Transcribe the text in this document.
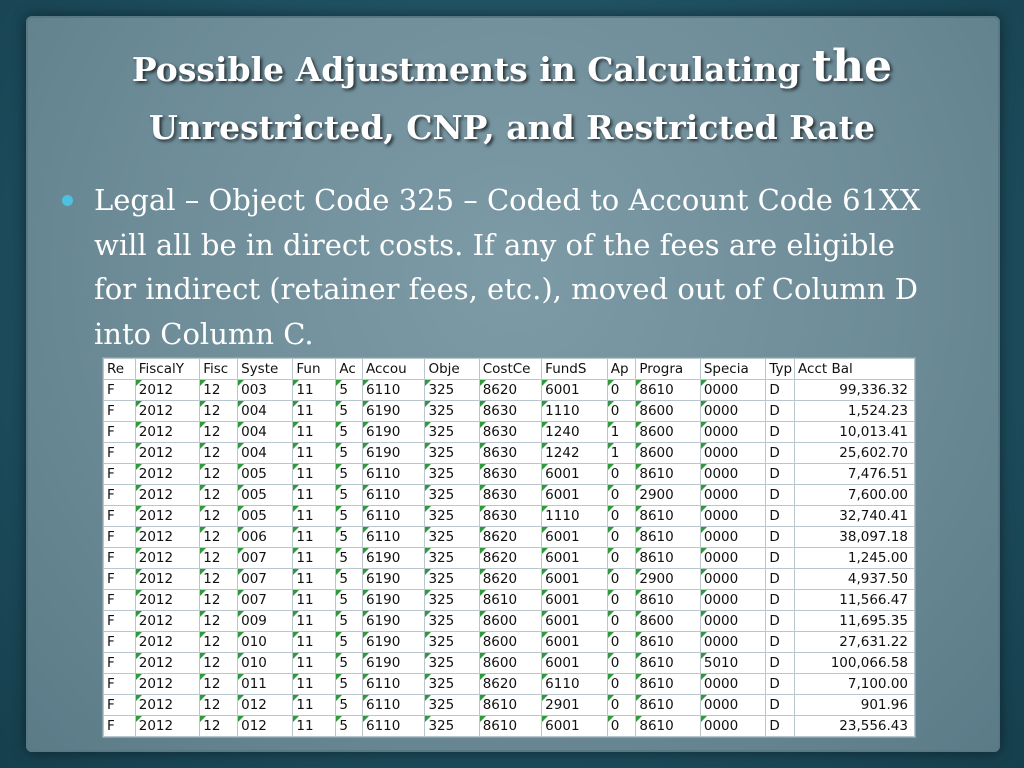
Possible Adjustments in Calculating the
Unrestricted, CNP, and Restricted Rate
Legal – Object Code 325 – Coded to Account Code 61XX will all be in direct costs. If any of the fees are eligible for indirect (retainer fees, etc.), moved out of Column D into Column C.
Re	FiscalY	Fisc	Syste	Fun	Ac	Accou	Obje	CostCe	FundS	Ap	Progra	Specia	Typ	Acct Bal
F	2012	12	003	11	5	6110	325	8620	6001	0	8610	0000	D	99,336.32
F	2012	12	004	11	5	6190	325	8630	1110	0	8600	0000	D	1,524.23
F	2012	12	004	11	5	6190	325	8630	1240	1	8600	0000	D	10,013.41
F	2012	12	004	11	5	6190	325	8630	1242	1	8600	0000	D	25,602.70
F	2012	12	005	11	5	6110	325	8630	6001	0	8610	0000	D	7,476.51
F	2012	12	005	11	5	6110	325	8630	6001	0	2900	0000	D	7,600.00
F	2012	12	005	11	5	6110	325	8630	1110	0	8610	0000	D	32,740.41
F	2012	12	006	11	5	6110	325	8620	6001	0	8610	0000	D	38,097.18
F	2012	12	007	11	5	6190	325	8620	6001	0	8610	0000	D	1,245.00
F	2012	12	007	11	5	6190	325	8620	6001	0	2900	0000	D	4,937.50
F	2012	12	007	11	5	6190	325	8610	6001	0	8610	0000	D	11,566.47
F	2012	12	009	11	5	6190	325	8600	6001	0	8600	0000	D	11,695.35
F	2012	12	010	11	5	6190	325	8600	6001	0	8610	0000	D	27,631.22
F	2012	12	010	11	5	6190	325	8600	6001	0	8610	5010	D	100,066.58
F	2012	12	011	11	5	6110	325	8620	6110	0	8610	0000	D	7,100.00
F	2012	12	012	11	5	6110	325	8610	2901	0	8610	0000	D	901.96
F	2012	12	012	11	5	6110	325	8610	6001	0	8610	0000	D	23,556.43
